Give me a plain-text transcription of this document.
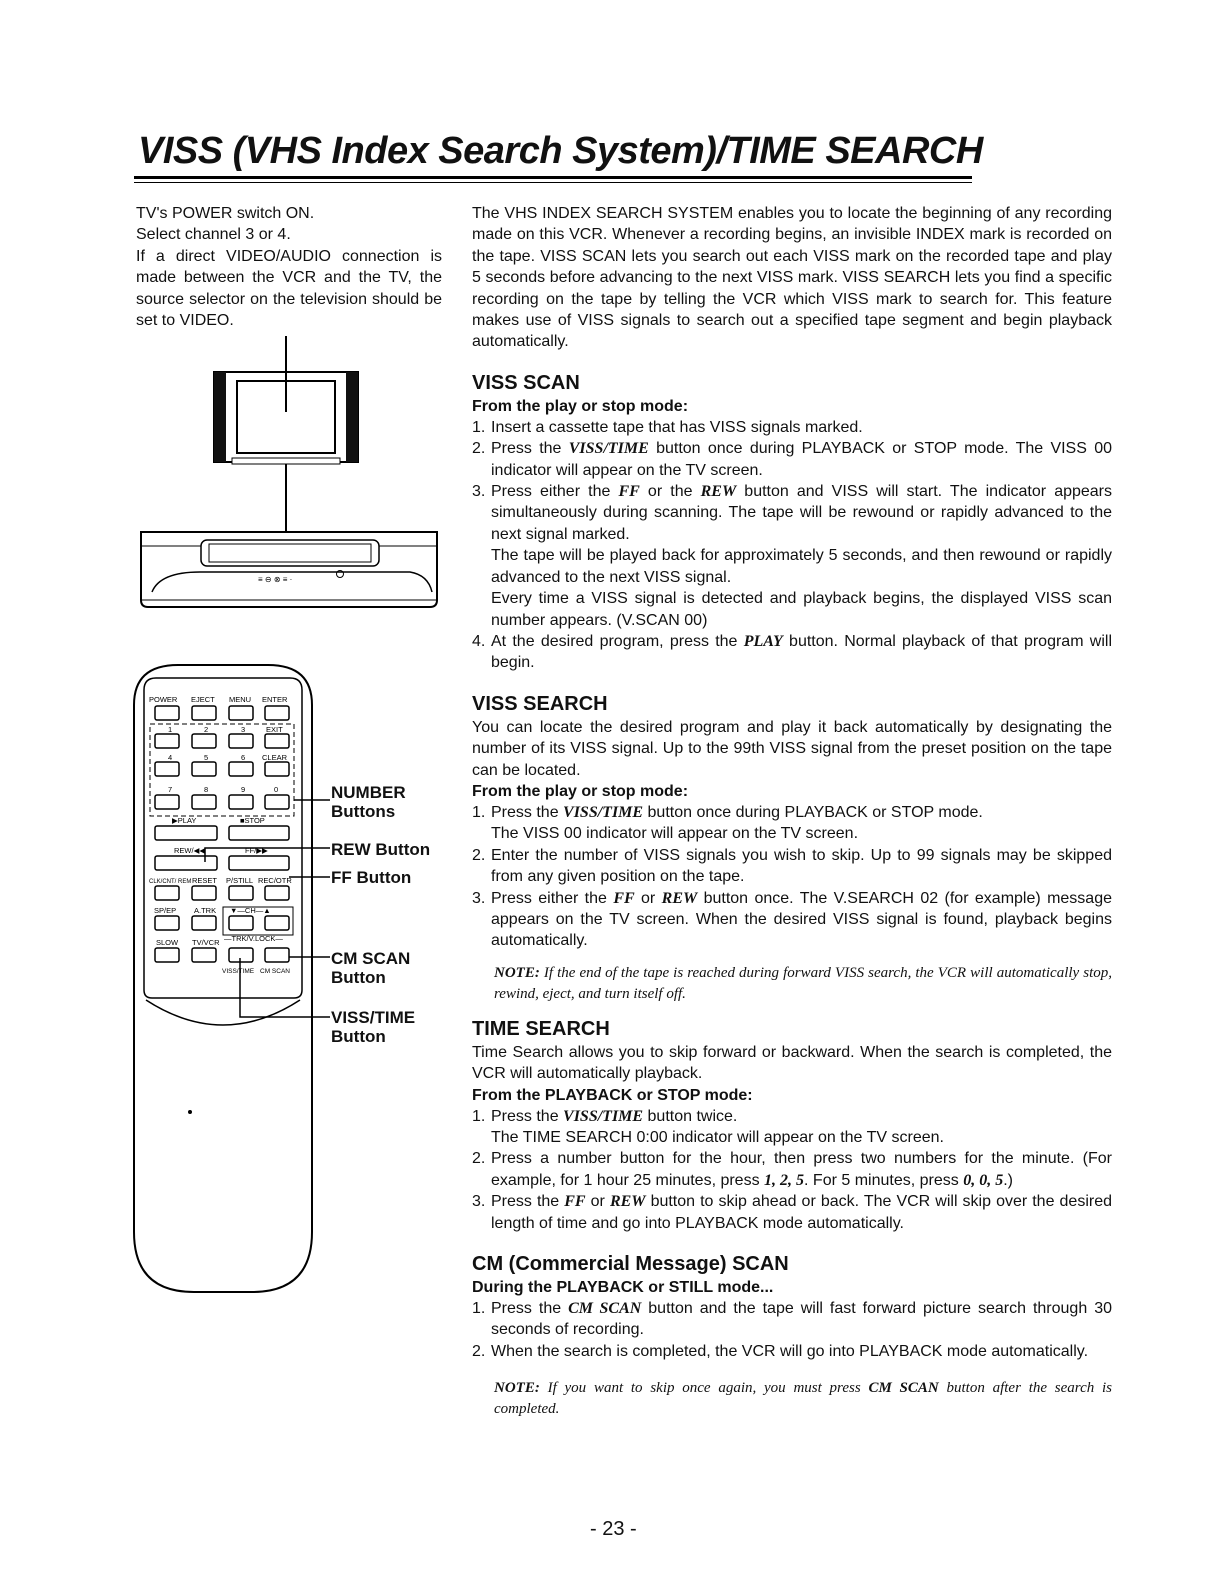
VISS (VHS Index Search System)/TIME SEARCH

TV's POWER switch ON.

Select channel 3 or 4.

If a direct VIDEO/AUDIO connection is made between the VCR and the TV, the source selector on the television should be set to VIDEO.

≡ ⊖ ⊗ ≡ ·
POWER EJECT MENU ENTER
1	2	3	EXIT
4	5	6 CLEAR
7	8	9	0
▶PLAY	■STOP
REW/◀◀	FF/▶▶
CLK/CNT/ REM RESET P/STILL REC/OTR
SP/EP A.TRK ▼—CH—▲
SLOW TV/VCR —TRK/V.LOCK—
VISS/TIME CM SCAN
NUMBER
Buttons
REW Button
FF Button
CM SCAN
Button
VISS/TIME
Button

The VHS INDEX SEARCH SYSTEM enables you to locate the beginning of any recording made on this VCR. Whenever a recording begins, an invisible INDEX mark is recorded on the tape. VISS SCAN lets you search out each VISS mark on the recorded tape and play 5 seconds before advancing to the next VISS mark. VISS SEARCH lets you find a specific recording on the tape by telling the VCR which VISS mark to search for. This feature makes use of VISS signals to search out a specified tape segment and begin playback automatically.

VISS SCAN
From the play or stop mode:
1. Insert a cassette tape that has VISS signals marked.
2. Press the VISS/TIME button once during PLAYBACK or STOP mode. The VISS 00 indicator will appear on the TV screen.
3. Press either the FF or the REW button and VISS will start. The indicator appears simultaneously during scanning. The tape will be rewound or rapidly advanced to the next signal marked.

The tape will be played back for approximately 5 seconds, and then rewound or rapidly advanced to the next VISS signal.

Every time a VISS signal is detected and playback begins, the displayed VISS scan number appears. (V.SCAN 00)

4. At the desired program, press the PLAY button. Normal playback of that program will begin.
VISS SEARCH

You can locate the desired program and play it back automatically by designating the number of its VISS signal. Up to the 99th VISS signal from the preset position on the tape can be located.

From the play or stop mode:
1. Press the VISS/TIME button once during PLAYBACK or STOP mode.

The VISS 00 indicator will appear on the TV screen.

2. Enter the number of VISS signals you wish to skip. Up to 99 signals may be skipped from any given position on the tape.
3. Press either the FF or REW button once. The V.SEARCH 02 (for example) message appears on the TV screen. When the desired VISS signal is found, playback begins automatically.

NOTE: If the end of the tape is reached during forward VISS search, the VCR will automatically stop, rewind, eject, and turn itself off.

TIME SEARCH

Time Search allows you to skip forward or backward. When the search is completed, the VCR will automatically playback.

From the PLAYBACK or STOP mode:
1. Press the VISS/TIME button twice.

The TIME SEARCH 0:00 indicator will appear on the TV screen.

2. Press a number button for the hour, then press two numbers for the minute. (For example, for 1 hour 25 minutes, press 1, 2, 5. For 5 minutes, press 0, 0, 5.)
3. Press the FF or REW button to skip ahead or back. The VCR will skip over the desired length of time and go into PLAYBACK mode automatically.
CM (Commercial Message) SCAN
During the PLAYBACK or STILL mode...
1. Press the CM SCAN button and the tape will fast forward picture search through 30 seconds of recording.
2. When the search is completed, the VCR will go into PLAYBACK mode automatically.

NOTE: If you want to skip once again, you must press CM SCAN button after the search is completed.

- 23 -
